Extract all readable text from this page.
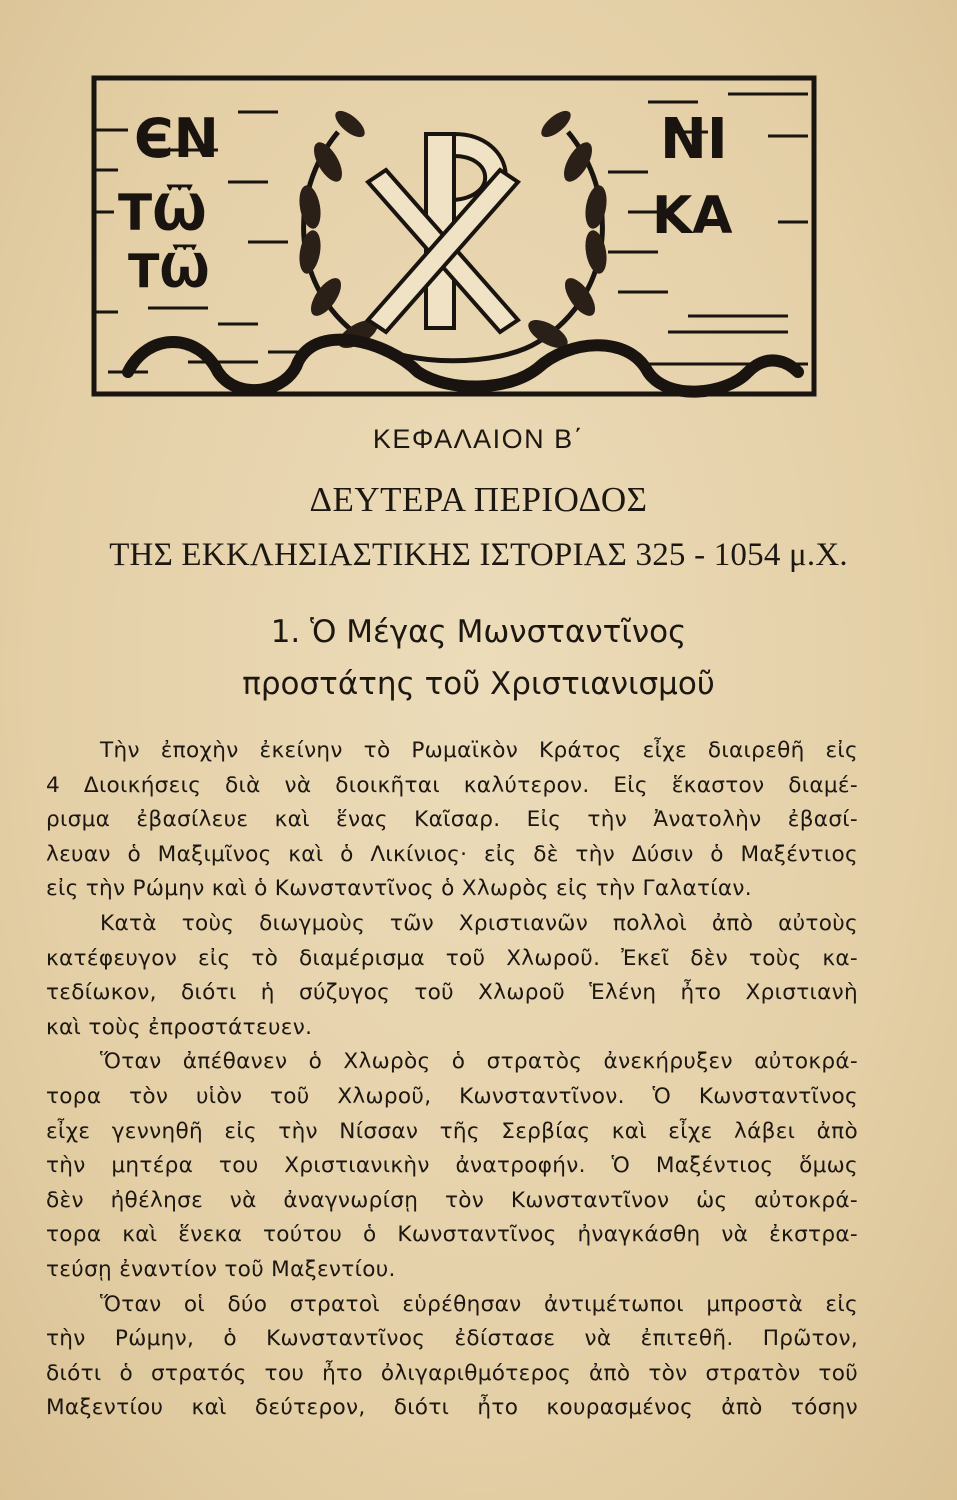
ЄN
TѾ
TѾ
NI
KA
ΚΕΦΑΛΑΙΟΝ Β΄
ΔΕΥΤΕΡΑ ΠΕΡΙΟΔΟΣ
ΤΗΣ ΕΚΚΛΗΣΙΑΣΤΙΚΗΣ ΙΣΤΟΡΙΑΣ 325 - 1054 μ.Χ.
1. Ὁ Μέγας Μωνσταντῖνος
προστάτης τοῦ Χριστιανισμοῦ
Τὴν ἐποχὴν ἐκείνην τὸ Ρωμαϊκὸν Κράτος εἶχε διαιρεθῆ εἰς
4 Διοικήσεις διὰ νὰ διοικῆται καλύτερον. Εἰς ἕκαστον διαμέ-
ρισμα ἐβασίλευε καὶ ἕνας Καῖσαρ. Εἰς τὴν Ἀνατολὴν ἐβασί-
λευαν ὁ Μαξιμῖνος καὶ ὁ Λικίνιος· εἰς δὲ τὴν Δύσιν ὁ Μαξέντιος
εἰς τὴν Ρώμην καὶ ὁ Κωνσταντῖνος ὁ Χλωρὸς εἰς τὴν Γαλατίαν.
Κατὰ τοὺς διωγμοὺς τῶν Χριστιανῶν πολλοὶ ἀπὸ αὐτοὺς
κατέφευγον εἰς τὸ διαμέρισμα τοῦ Χλωροῦ. Ἐκεῖ δὲν τοὺς κα-
τεδίωκον, διότι ἡ σύζυγος τοῦ Χλωροῦ Ἑλένη ἦτο Χριστιανὴ
καὶ τοὺς ἐπροστάτευεν.
Ὅταν ἀπέθανεν ὁ Χλωρὸς ὁ στρατὸς ἀνεκήρυξεν αὐτοκρά-
τορα τὸν υἱὸν τοῦ Χλωροῦ, Κωνσταντῖνον. Ὁ Κωνσταντῖνος
εἶχε γεννηθῆ εἰς τὴν Νίσσαν τῆς Σερβίας καὶ εἶχε λάβει ἀπὸ
τὴν μητέρα του Χριστιανικὴν ἀνατροφήν. Ὁ Μαξέντιος ὅμως
δὲν ἠθέλησε νὰ ἀναγνωρίσῃ τὸν Κωνσταντῖνον ὡς αὐτοκρά-
τορα καὶ ἕνεκα τούτου ὁ Κωνσταντῖνος ἠναγκάσθη νὰ ἐκστρα-
τεύσῃ ἐναντίον τοῦ Μαξεντίου.
Ὅταν οἱ δύο στρατοὶ εὑρέθησαν ἀντιμέτωποι μπροστὰ εἰς
τὴν Ρώμην, ὁ Κωνσταντῖνος ἐδίστασε νὰ ἐπιτεθῆ. Πρῶτον,
διότι ὁ στρατός του ἦτο ὀλιγαριθμότερος ἀπὸ τὸν στρατὸν τοῦ
Μαξεντίου καὶ δεύτερον, διότι ἦτο κουρασμένος ἀπὸ τόσην
